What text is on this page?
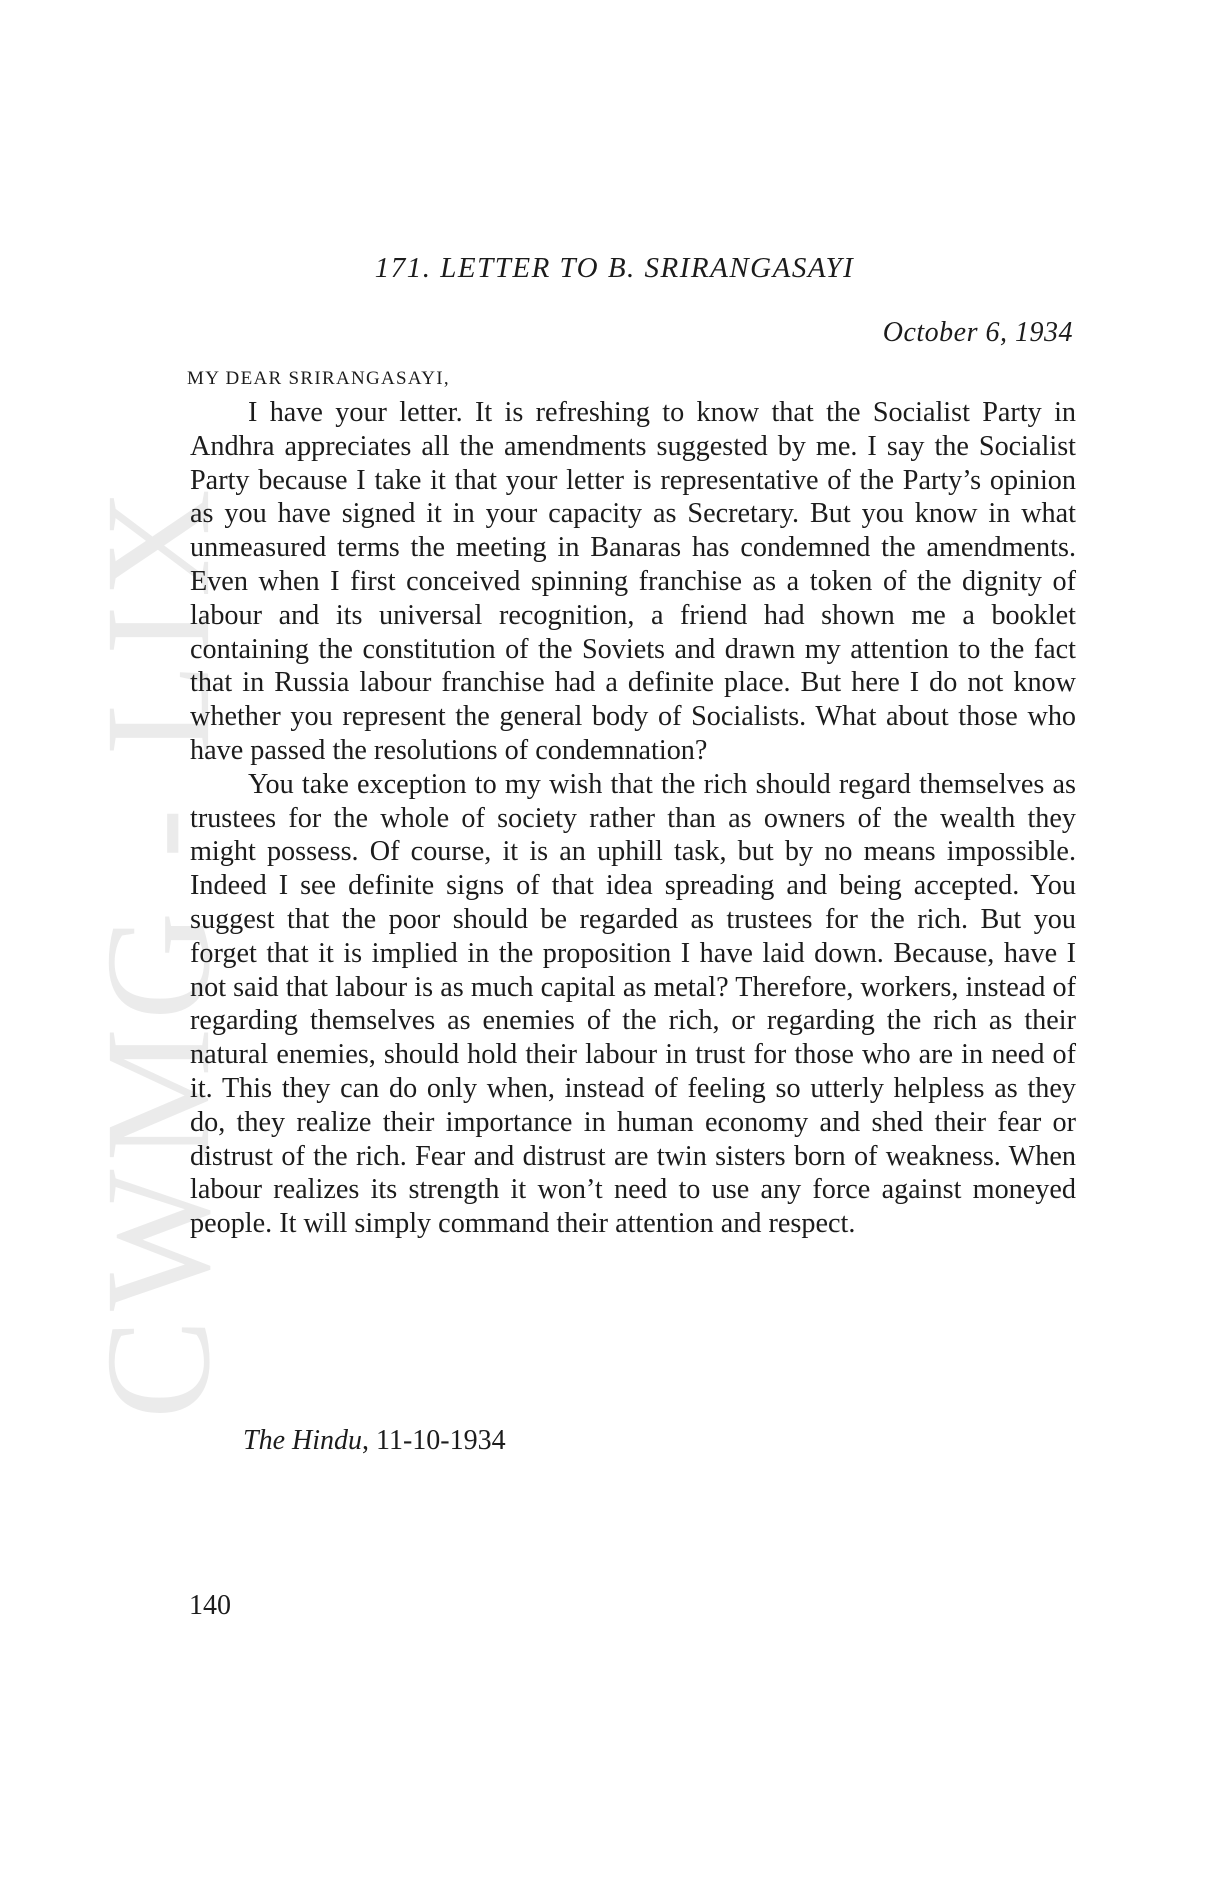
CWMG - LIX
171. LETTER TO B. SRIRANGASAYI
October 6, 1934
MY DEAR SRIRANGASAYI,

I have your letter. It is refreshing to know that the Socialist Party in Andhra appreciates all the amendments suggested by me. I say the Socialist Party because I take it that your letter is representative of the Party’s opinion as you have signed it in your capacity as Secretary. But you know in what unmeasured terms the meeting in Banaras has condemned the amendments. Even when I first conceived spinning franchise as a token of the dignity of labour and its universal recognition, a friend had shown me a booklet containing the constitution of the Soviets and drawn my attention to the fact that in Russia labour franchise had a definite place. But here I do not know whether you represent the general body of Socialists. What about those who have passed the resolutions of condemnation?

You take exception to my wish that the rich should regard themselves as trustees for the whole of society rather than as owners of the wealth they might possess. Of course, it is an uphill task, but by no means impossible. Indeed I see definite signs of that idea spreading and being accepted. You suggest that the poor should be regarded as trustees for the rich. But you forget that it is implied in the proposition I have laid down. Because, have I not said that labour is as much capital as metal? Therefore, workers, instead of regarding themselves as enemies of the rich, or regarding the rich as their natural enemies, should hold their labour in trust for those who are in need of it. This they can do only when, instead of feeling so utterly helpless as they do, they realize their importance in human economy and shed their fear or distrust of the rich. Fear and distrust are twin sisters born of weakness. When labour realizes its strength it won’t need to use any force against moneyed people. It will simply command their attention and respect.

The Hindu, 11-10-1934
140
